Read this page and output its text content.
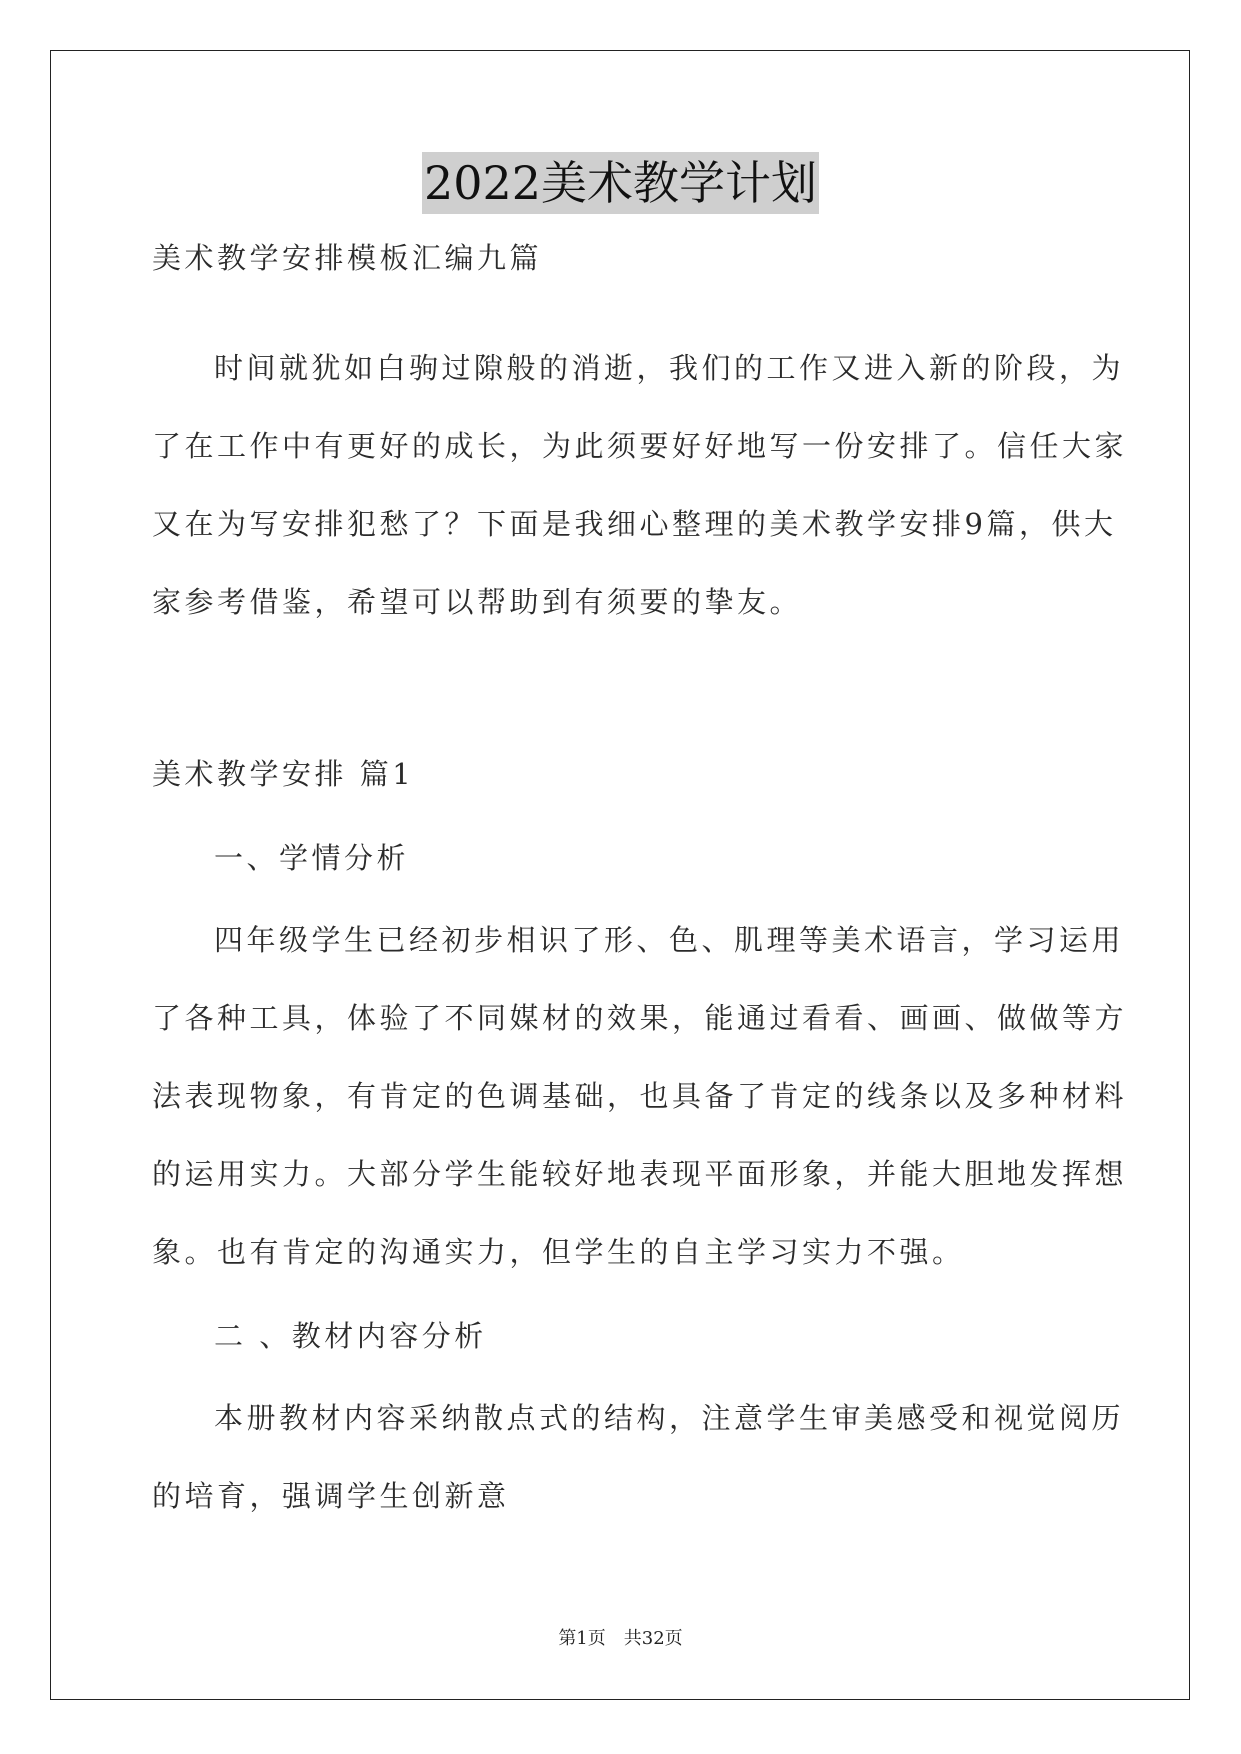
2022美术教学计划
美术教学安排模板汇编九篇
时间就犹如白驹过隙般的消逝，我们的工作又进入新的阶段，为
了在工作中有更好的成长，为此须要好好地写一份安排了。信任大家
又在为写安排犯愁了？下面是我细心整理的美术教学安排9篇，供大
家参考借鉴，希望可以帮助到有须要的挚友。
美术教学安排 篇1
一、学情分析
四年级学生已经初步相识了形、色、肌理等美术语言，学习运用
了各种工具，体验了不同媒材的效果，能通过看看、画画、做做等方
法表现物象，有肯定的色调基础，也具备了肯定的线条以及多种材料
的运用实力。大部分学生能较好地表现平面形象，并能大胆地发挥想
象。也有肯定的沟通实力，但学生的自主学习实力不强。
二 、教材内容分析
本册教材内容采纳散点式的结构，注意学生审美感受和视觉阅历
的培育，强调学生创新意
第1页　共32页
